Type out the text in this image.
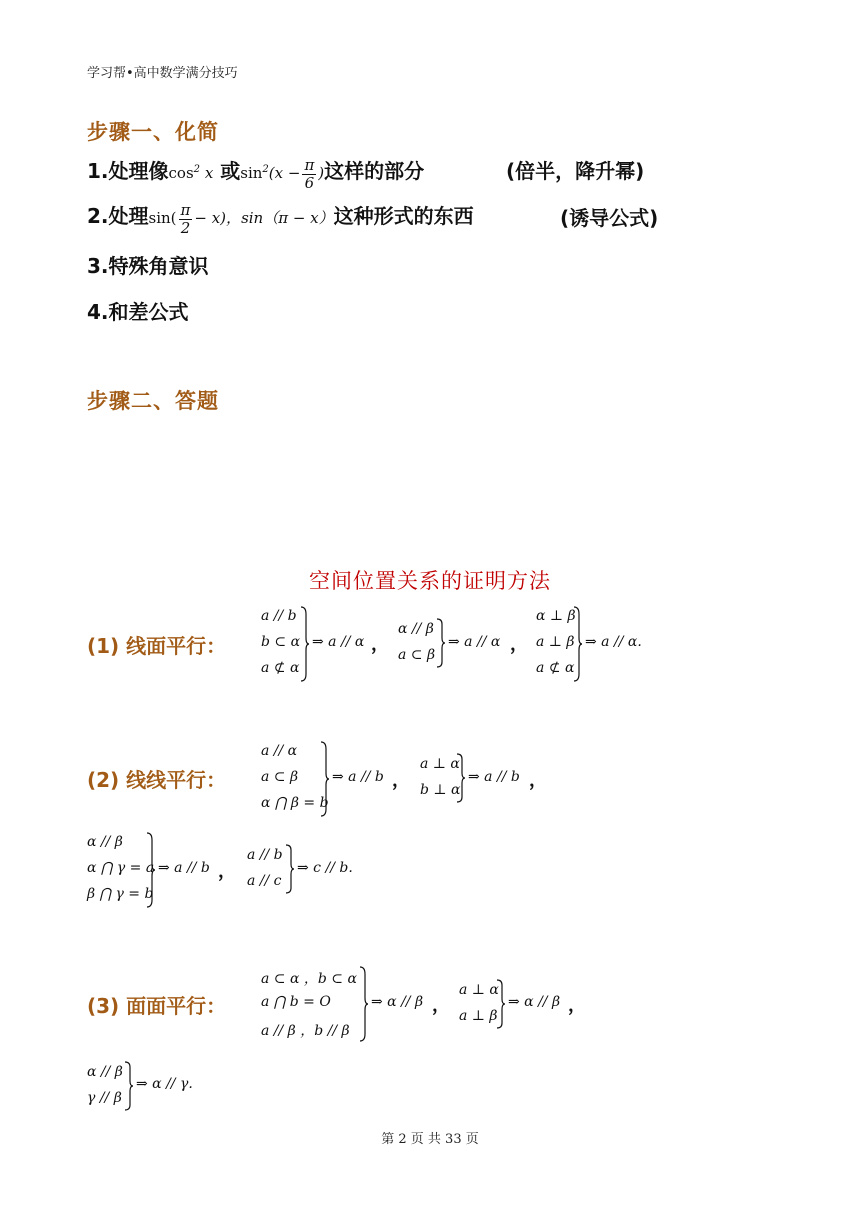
学习帮•高中数学满分技巧
步骤一、化简
1.处理像$\cos^2 x$ 或$\sin^2(x - \frac{\pi}{6}$ )这样的部分	(倍半，降升幂)
2.处理$\sin( \frac{\pi}{2} - x)$，sin（π − x）这种形式的东西	(诱导公式)
3.特殊角意识
4.和差公式
步骤二、答题
空间位置关系的证明方法
(1) 线面平行：
a // b
b ⊂ α
a ⊄ α
⇒ a // α ，
α // β
a ⊂ β
⇒ a // α ，
α ⊥ β
a ⊥ β
a ⊄ α
⇒ a // α.
(2) 线线平行：
a // α
a ⊂ β
α ⋂ β = b
⇒ a // b ，
a ⊥ α
b ⊥ α
⇒ a // b ，
α // β
α ⋂ γ = a
β ⋂ γ = b
⇒ a // b ，
a // b
a // c
⇒ c // b.
(3) 面面平行：
a ⊂ α ，b ⊂ α
a ⋂ b = O
a // β ，b // β
⇒ α // β ，
a ⊥ α
a ⊥ β
⇒ α // β ，
α // β
γ // β
⇒ α // γ.
第 2 页 共 33 页
